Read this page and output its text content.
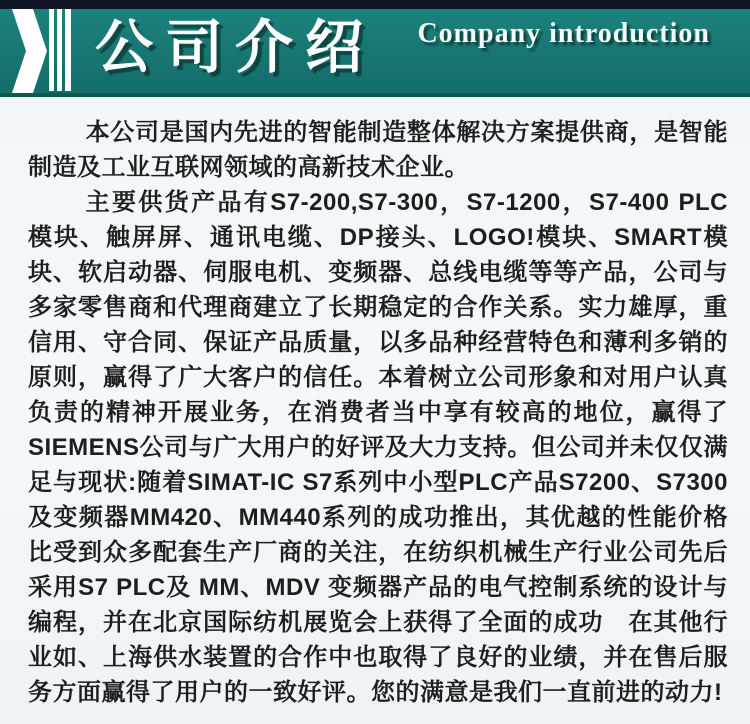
公司介绍 Company introduction

本公司是国内先进的智能制造整体解决方案提供商，是智能制造及工业互联网领域的高新技术企业。

主要供货产品有S7-200,S7-300，S7-1200，S7-400 PLC模块、触屏屏、通讯电缆、DP接头、LOGO!模块、SMART模块、软启动器、伺服电机、变频器、总线电缆等等产品，公司与多家零售商和代理商建立了长期稳定的合作关系。实力雄厚，重信用、守合同、保证产品质量，以多品种经营特色和薄利多销的原则，赢得了广大客户的信任。本着树立公司形象和对用户认真负责的精神开展业务，在消费者当中享有较高的地位，赢得了SIEMENS公司与广大用户的好评及大力支持。但公司并未仅仅满足与现状:随着SIMAT-IC S7系列中小型PLC产品S7200、S7300及变频器MM420、MM440系列的成功推出，其优越的性能价格比受到众多配套生产厂商的关注，在纺织机械生产行业公司先后采用S7 PLC及 MM、MDV 变频器产品的电气控制系统的设计与编程，并在北京国际纺机展览会上获得了全面的成功　在其他行业如、上海供水装置的合作中也取得了良好的业绩，并在售后服务方面赢得了用户的一致好评。您的满意是我们一直前进的动力!
